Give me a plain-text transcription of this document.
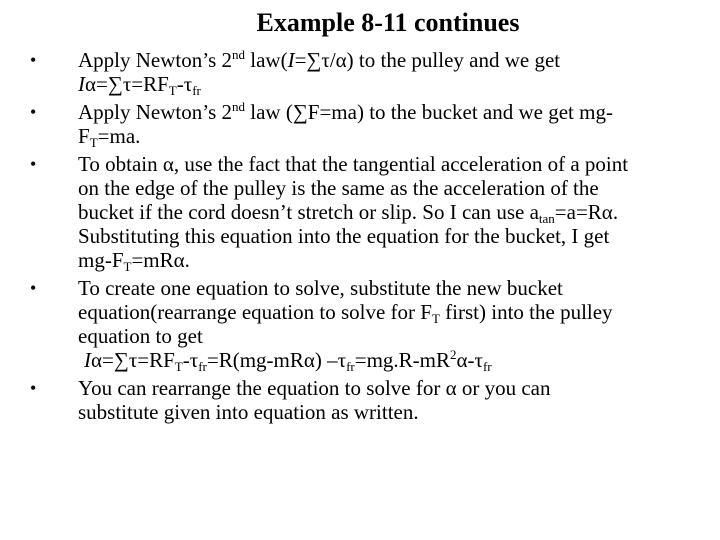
Example 8-11 continues
•	Apply Newton’s 2nd law(I=∑τ/α) to the pulley and we get
$I\alpha=\sum\tau=RF_T-\tau_{fr}$
•	Apply Newton’s 2nd law (∑F=ma) to the bucket and we get mg-
$F_T=ma$.
•	To obtain α, use the fact that the tangential acceleration of a point
on the edge of the pulley is the same as the acceleration of the
bucket if the cord doesn’t stretch or slip. So I can use $a_{tan}=a=R\alpha$.
Substituting this equation into the equation for the bucket, I get
$mg-F_T=mR\alpha$.
•	To create one equation to solve, substitute the new bucket
equation(rearrange equation to solve for $F_T$ first) into the pulley
equation to get
$I\alpha=\sum\tau=RF_T-\tau_{fr}=R(mg-mR\alpha)$ $-\tau_{fr}=mg.R-mR^2\alpha-\tau_{fr}$
•	You can rearrange the equation to solve for α or you can
substitute given into equation as written.
